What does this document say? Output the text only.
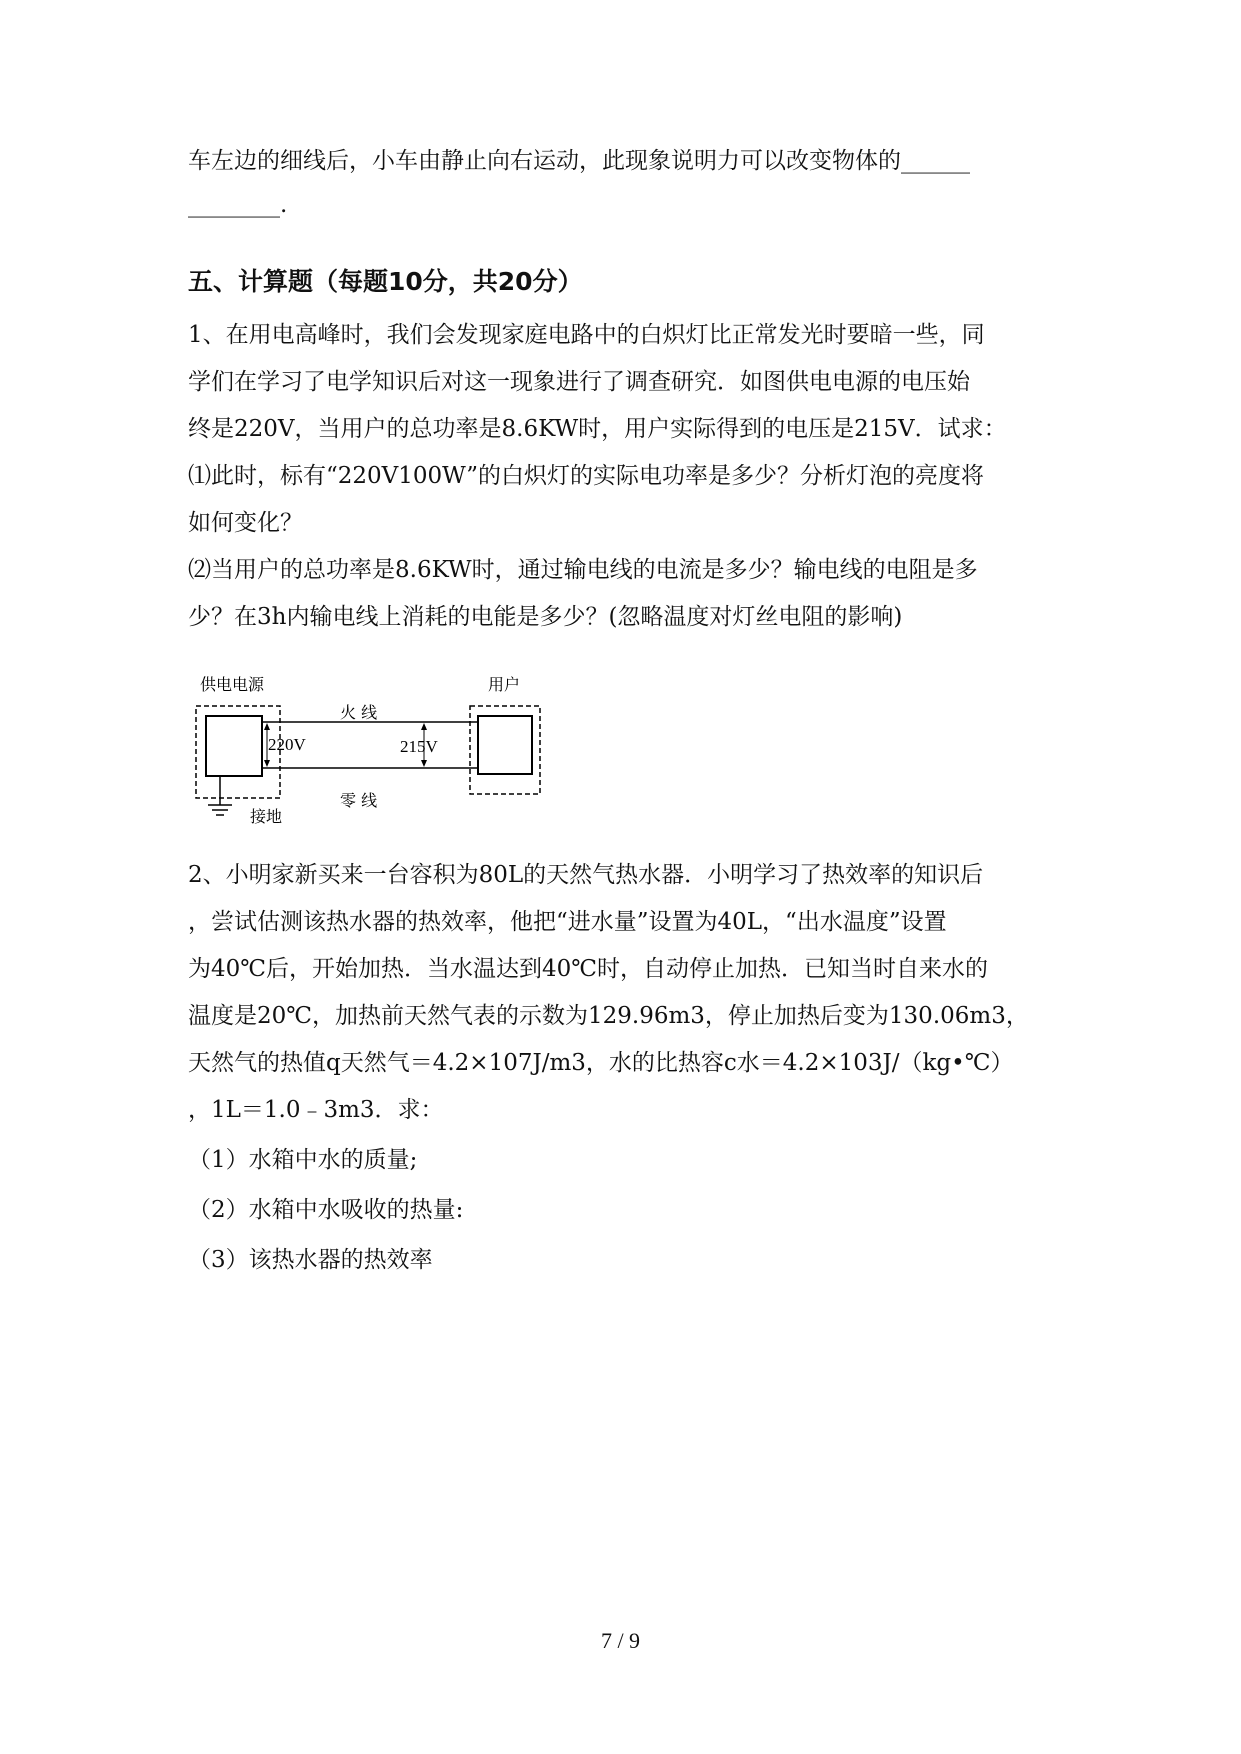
车左边的细线后，小车由静止向右运动，此现象说明力可以改变物体的______
________.
五、计算题（每题10分，共20分）
1、在用电高峰时，我们会发现家庭电路中的白炽灯比正常发光时要暗一些，同
学们在学习了电学知识后对这一现象进行了调查研究．如图供电电源的电压始
终是220V，当用户的总功率是8.6KW时，用户实际得到的电压是215V．试求：
⑴此时，标有“220V100W”的白炽灯的实际电功率是多少？分析灯泡的亮度将
如何变化？
⑵当用户的总功率是8.6KW时，通过输电线的电流是多少？输电线的电阻是多
少？在3h内输电线上消耗的电能是多少？(忽略温度对灯丝电阻的影响)
供电电源	用户
火 线
零 线
接地
220V	215V
2、小明家新买来一台容积为80L的天然气热水器．小明学习了热效率的知识后
，尝试估测该热水器的热效率，他把“进水量”设置为40L，“出水温度”设置
为40℃后，开始加热．当水温达到40℃时，自动停止加热．已知当时自来水的
温度是20℃，加热前天然气表的示数为129.96m3，停止加热后变为130.06m3，
天然气的热值q天然气＝4.2×107J/m3，水的比热容c水＝4.2×103J/（kg•℃）
，1L＝1.0﹣3m3．求：
（1）水箱中水的质量;
（2）水箱中水吸收的热量:
（3）该热水器的热效率
7 / 9
